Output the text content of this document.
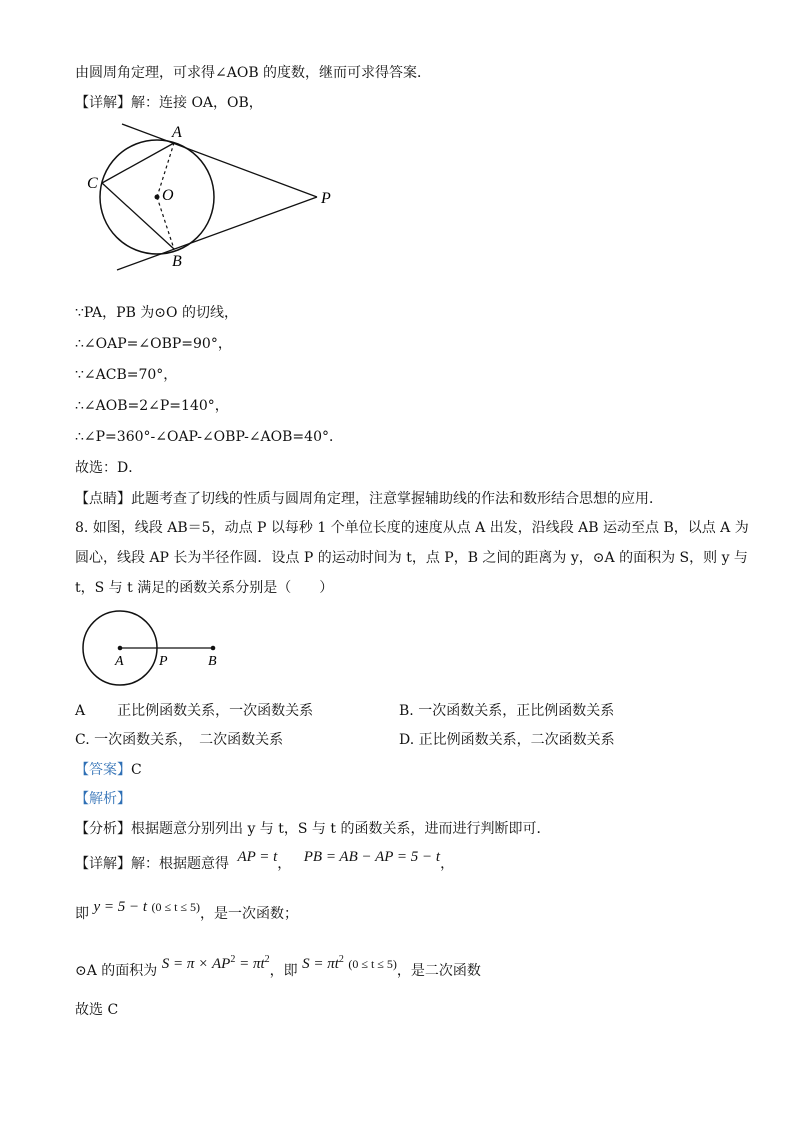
由圆周角定理，可求得∠AOB 的度数，继而可求得答案．
【详解】解：连接 OA，OB，
A
B
C
O	P
∵PA，PB 为⊙O 的切线，
∴∠OAP=∠OBP=90°，
∵∠ACB=70°，
∴∠AOB=2∠P=140°，
∴∠P=360°-∠OAP-∠OBP-∠AOB=40°．
故选：D．
【点睛】此题考查了切线的性质与圆周角定理，注意掌握辅助线的作法和数形结合思想的应用．
8. 如图，线段 AB＝5，动点 P 以每秒 1 个单位长度的速度从点 A 出发，沿线段 AB 运动至点 B，以点 A 为
圆心，线段 AP 长为半径作圆．设点 P 的运动时间为 t，点 P，B 之间的距离为 y，⊙A 的面积为 S，则 y 与
t，S 与 t 满足的函数关系分别是（　　）
A	P	B
A 正比例函数关系，一次函数关系	B. 一次函数关系，正比例函数关系
C. 一次函数关系，　二次函数关系	D. 正比例函数关系，二次函数关系
【答案】C
【解析】
【分析】根据题意分别列出 y 与 t，S 与 t 的函数关系，进而进行判断即可．
【详解】解：根据题意得 AP = t， PB = AB − AP = 5 − t，
即 y = 5 − t (0 ≤ t ≤ 5)，是一次函数；
⊙A 的面积为 $S = \pi \times AP^2 = \pi t^2$，即 $S = \pi t^2$ (0 ≤ t ≤ 5)，是二次函数
故选 C
